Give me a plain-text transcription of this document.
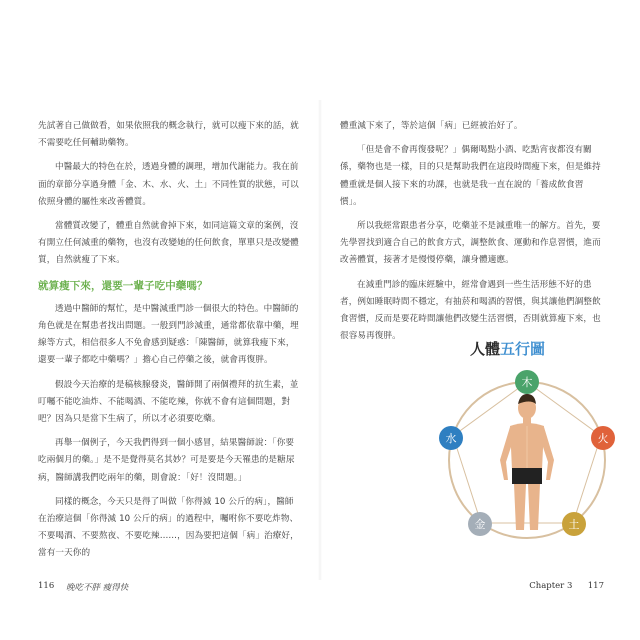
先試著自己做做看，如果依照我的概念執行，就可以瘦下來的話，就不需要吃任何輔助藥物。

中醫最大的特色在於，透過身體的調理，增加代謝能力。我在前面的章節分享過身體「金、木、水、火、土」不同性質的狀態，可以依照身體的屬性來改善體質。

當體質改變了，體重自然就會掉下來，如同這篇文章的案例，沒有開立任何減重的藥物，也沒有改變她的任何飲食，單單只是改變體質，自然就瘦了下來。

就算瘦下來，還要一輩子吃中藥嗎？

透過中醫師的幫忙，是中醫減重門診一個很大的特色。中醫師的角色就是在幫患者找出問題。一般到門診減重，通常都依靠中藥，埋線等方式，相信很多人不免會感到疑惑：「陳醫師，就算我瘦下來，還要一輩子都吃中藥嗎？」擔心自己停藥之後，就會再復胖。

假設今天治療的是稿核腺發炎，醫師開了兩個禮拜的抗生素，並叮囑不能吃油炸、不能喝酒、不能吃辣，你就不會有這個問題，對吧？因為只是當下生病了，所以才必須要吃藥。

再舉一個例子，今天我們得到一個小感冒，結果醫師說：「你要吃兩個月的藥。」是不是覺得莫名其妙？可是要是今天罹患的是糖尿病，醫師講我們吃兩年的藥，則會說：「好！沒問題。」

同樣的概念，今天只是得了叫做「你得減 10 公斤的病」，醫師在治療這個「你得減 10 公斤的病」的過程中，囑咐你不要吃炸物、不要喝酒、不要熬夜、不要吃辣……，因為要把這個「病」治療好，當有一天你的

體重減下來了，等於這個「病」已經被治好了。

「但是會不會再復發呢？」偶爾喝點小酒、吃點宵夜都沒有關係，藥物也是一樣，目的只是幫助我們在這段時間瘦下來，但是維持體重就是個人接下來的功課，也就是我一直在說的「養成飲食習慣」。

所以我經常跟患者分享，吃藥並不是減重唯一的解方。首先，要先學習找到適合自己的飲食方式，調整飲食、運動和作息習慣，進而改善體質，接著才是慢慢停藥，讓身體適應。

在減重門診的臨床經驗中，經常會遇到一些生活形態不好的患者，例如睡眠時間不穩定，有抽菸和喝酒的習慣，與其讓他們調整飲食習慣，反而是要花時間讓他們改變生活習慣，否則就算瘦下來，也很容易再復胖。

人體五行圖
木
火
土
金
水
116 晚吃不胖 瘦得快	Chapter 3 117
